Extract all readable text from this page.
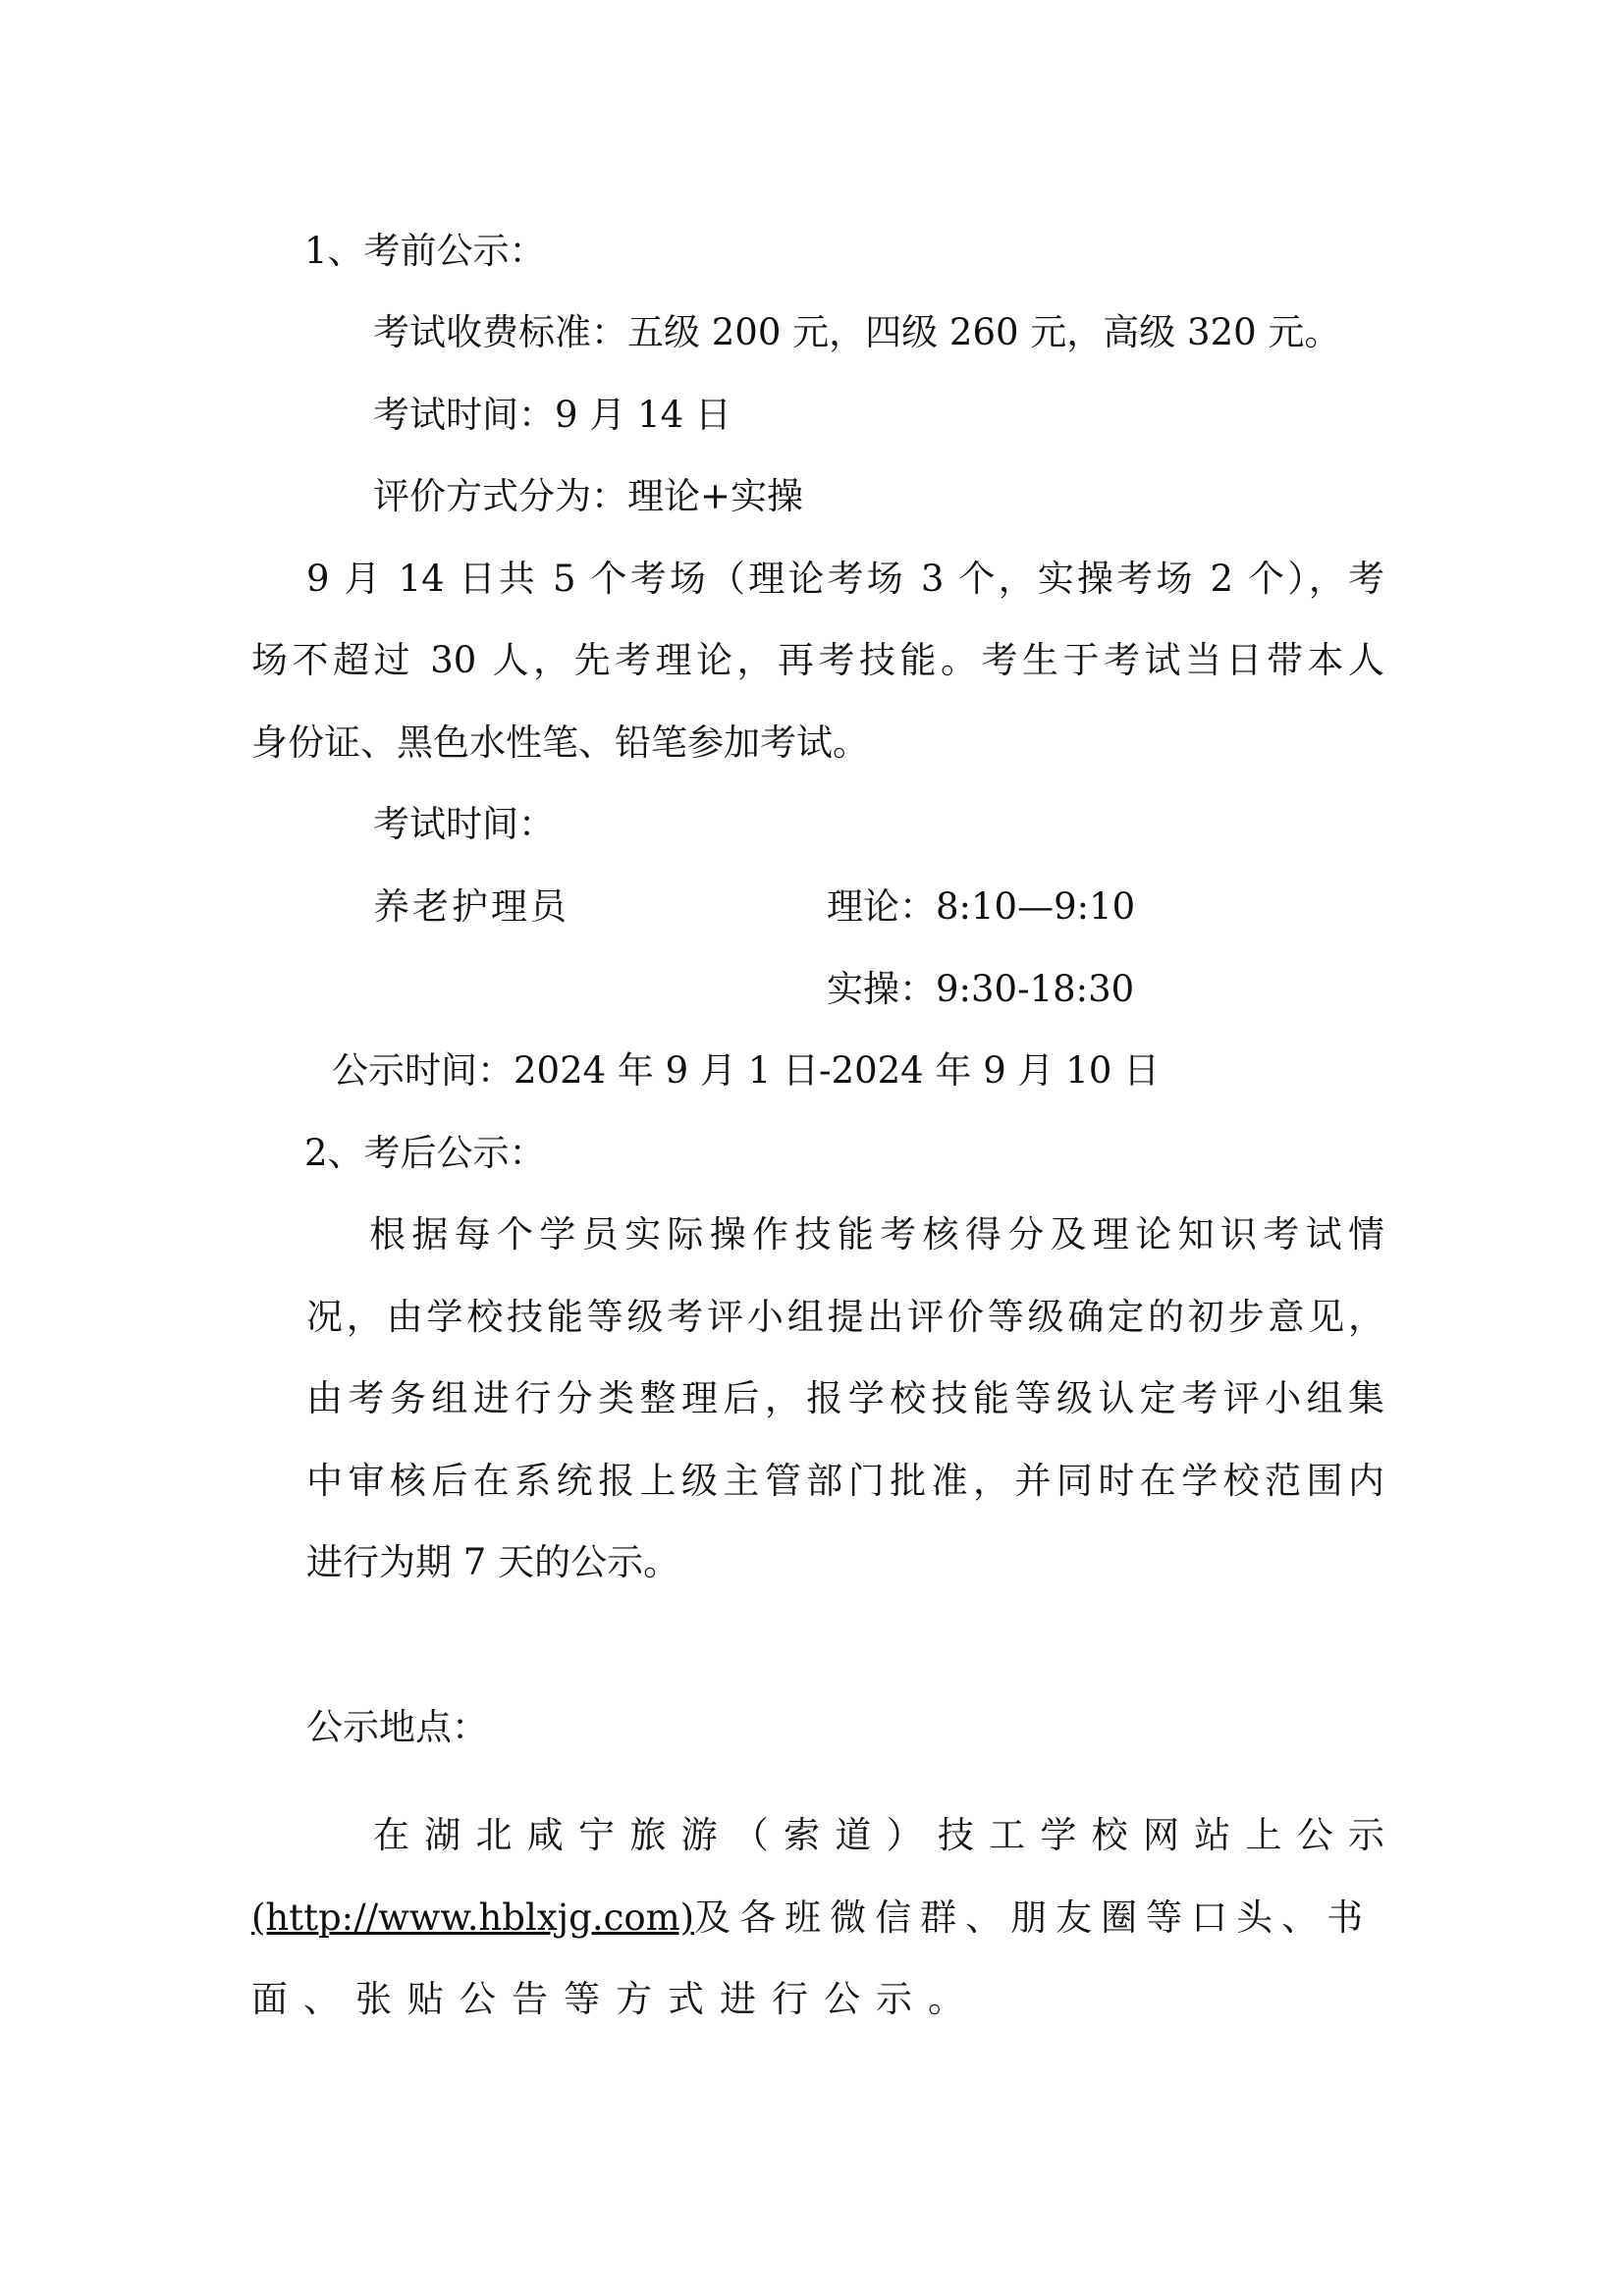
1、考前公示：
考试收费标准：五级 200 元，四级 260 元，高级 320 元。
考试时间：9 月 14 日
评价方式分为：理论+实操
9 月 14 日共 5 个考场（理论考场 3 个，实操考场 2 个），考
场不超过 30 人，先考理论，再考技能。考生于考试当日带本人
身份证、黑色水性笔、铅笔参加考试。
考试时间：
养老护理员	理论：8:10—9:10
实操：9:30-18:30
公示时间：2024 年 9 月 1 日-2024 年 9 月 10 日
2、考后公示：
根据每个学员实际操作技能考核得分及理论知识考试情
况，由学校技能等级考评小组提出评价等级确定的初步意见，
由考务组进行分类整理后，报学校技能等级认定考评小组集
中审核后在系统报上级主管部门批准，并同时在学校范围内
进行为期 7 天的公示。
公示地点：
在湖北咸宁旅游（索道）技工学校网站上公示
(http://www.hblxjg.com)及各班微信群、朋友圈等口头、书
面、张贴公告等方式进行公示。
